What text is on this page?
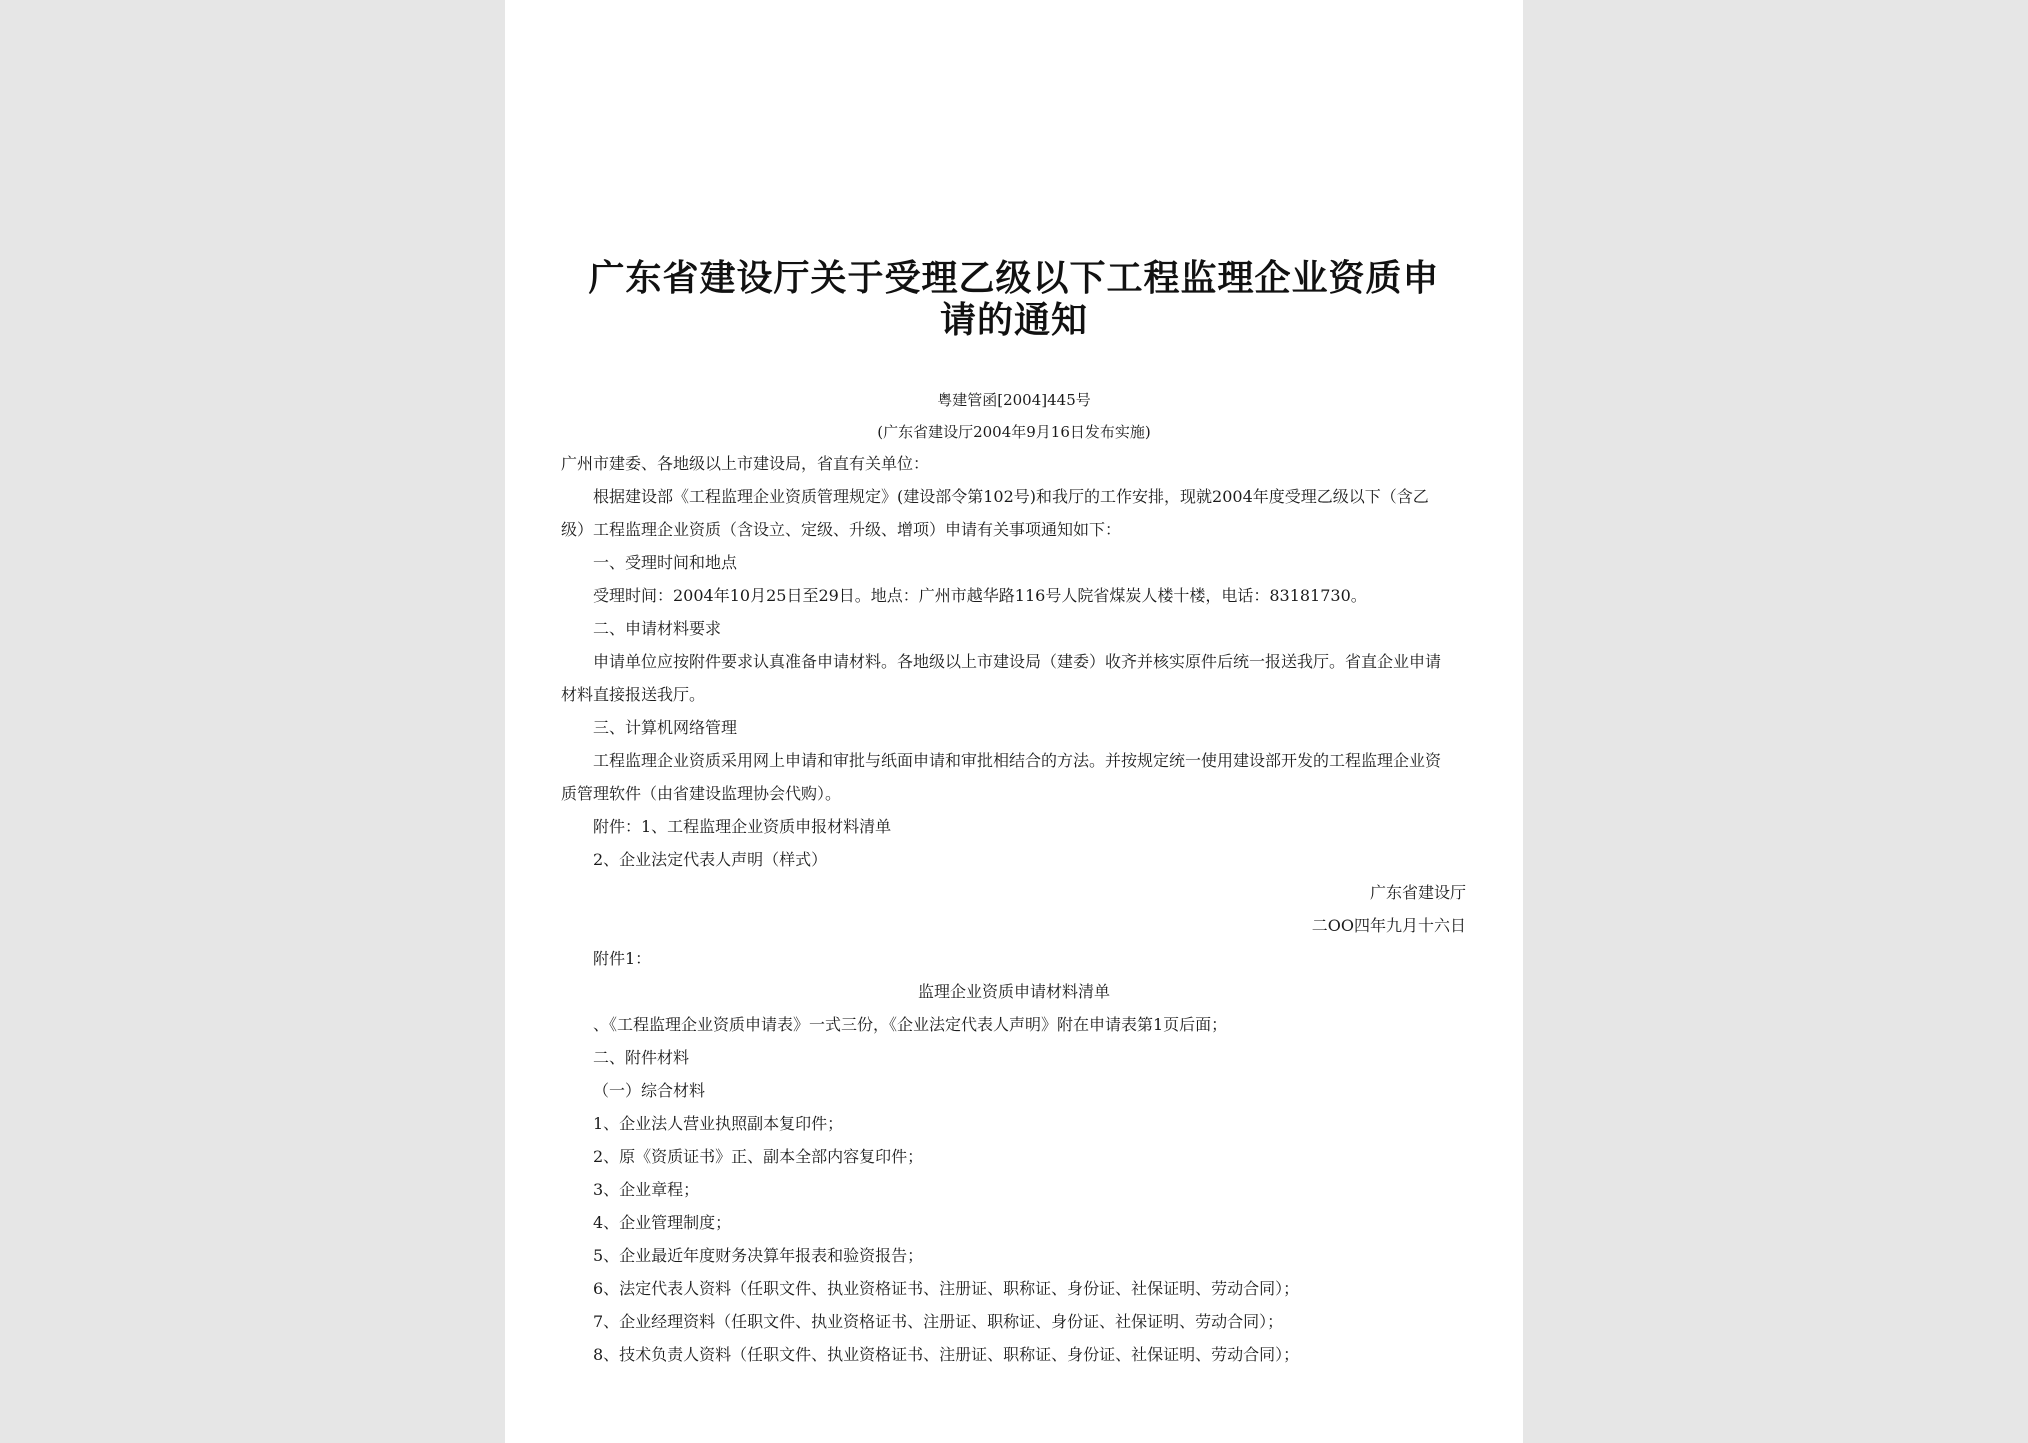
广东省建设厅关于受理乙级以下工程监理企业资质申
请的通知
粤建管函[2004]445号
(广东省建设厅2004年9月16日发布实施)
广州市建委、各地级以上市建设局，省直有关单位：
根据建设部《工程监理企业资质管理规定》(建设部令第102号)和我厅的工作安排，现就2004年度受理乙级以下（含乙
级）工程监理企业资质（含设立、定级、升级、增项）申请有关事项通知如下：
一、受理时间和地点
受理时间：2004年10月25日至29日。地点：广州市越华路116号人院省煤炭人楼十楼，电话：83181730。
二、申请材料要求
申请单位应按附件要求认真准备申请材料。各地级以上市建设局（建委）收齐并核实原件后统一报送我厅。省直企业申请
材料直接报送我厅。
三、计算机网络管理
工程监理企业资质采用网上申请和审批与纸面申请和审批相结合的方法。并按规定统一使用建设部开发的工程监理企业资
质管理软件（由省建设监理协会代购）。
附件：1、工程监理企业资质申报材料清单
2、企业法定代表人声明（样式）
广东省建设厅
二OO四年九月十六日
附件1：
监理企业资质申请材料清单
、《工程监理企业资质申请表》一式三份，《企业法定代表人声明》附在申请表第1页后面；
二、附件材料
（一）综合材料
1、企业法人营业执照副本复印件；
2、原《资质证书》正、副本全部内容复印件；
3、企业章程；
4、企业管理制度；
5、企业最近年度财务决算年报表和验资报告；
6、法定代表人资料（任职文件、执业资格证书、注册证、职称证、身份证、社保证明、劳动合同）；
7、企业经理资料（任职文件、执业资格证书、注册证、职称证、身份证、社保证明、劳动合同）；
8、技术负责人资料（任职文件、执业资格证书、注册证、职称证、身份证、社保证明、劳动合同）；
